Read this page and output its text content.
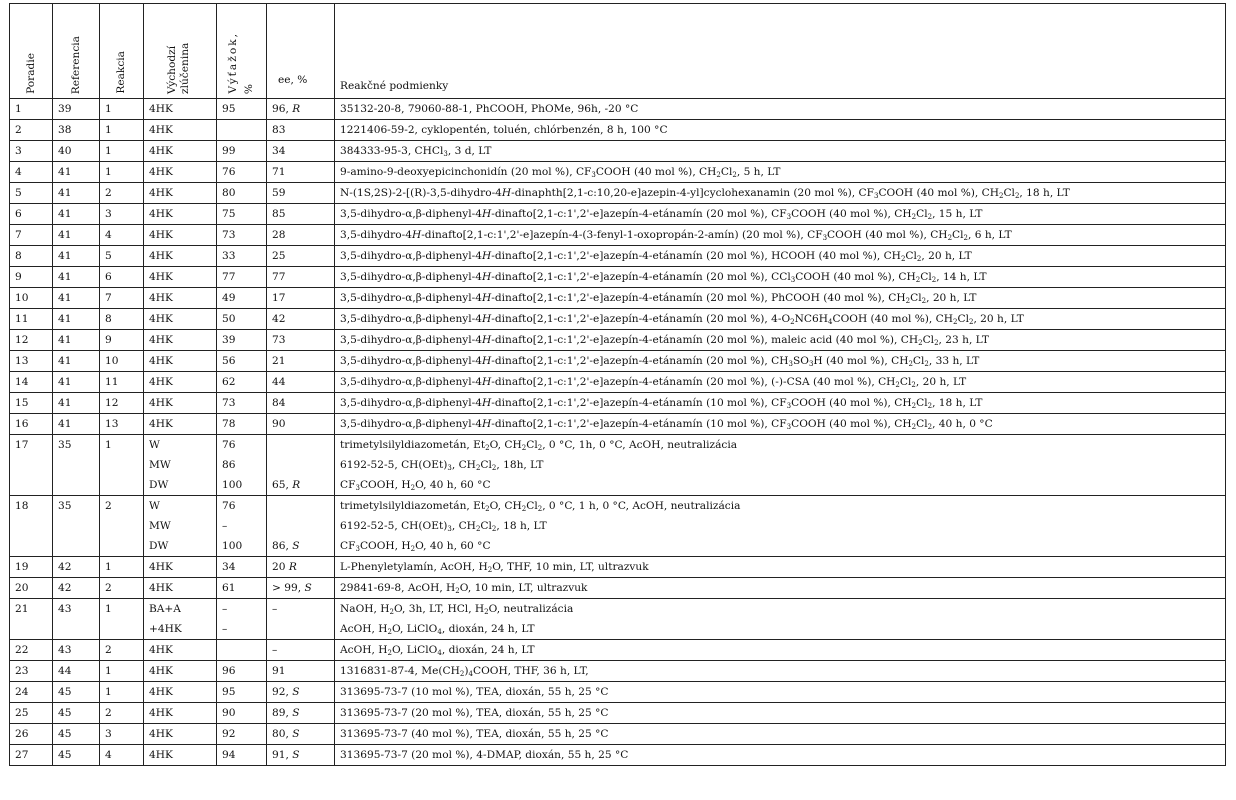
Poradie	Referencia	Reakcia	Východzí zlúčenina	Výťažok, %	ee, %	Reakčné podmienky
1	39	1	4HK	95	96, R	35132-20-8, 79060-88-1, PhCOOH, PhOMe, 96h, -20 °C
2	38	1	4HK		83	1221406-59-2, cyklopentén, toluén, chlórbenzén, 8 h, 100 °C
3	40	1	4HK	99	34	384333-95-3, CHCl$_3$, 3 d, LT
4	41	1	4HK	76	71	9-amino-9-deoxyepicinchonidín (20 mol %), $CF_3COOH$ (40 mol %), $CH_2Cl_2$, 5 h, LT
5	41	2	4HK	80	59	N-(1S,2S)-2-[(R)-3,5-dihydro-4H-dinaphth[2,1-c:10,20-e]azepin-4-yl]cyclohexanamin (20 mol %), $CF_3COOH$ (40 mol %), $CH_2Cl_2$, 18 h, LT
6	41	3	4HK	75	85	3,5-dihydro-α,β-diphenyl-4H-dinafto[2,1-c:1',2'-e]azepín-4-etánamín (20 mol %), $CF_3COOH$ (40 mol %), $CH_2Cl_2$, 15 h, LT
7	41	4	4HK	73	28	3,5-dihydro-4H-dinafto[2,1-c:1',2'-e]azepín-4-(3-fenyl-1-oxopropán-2-amín) (20 mol %), $CF_3COOH$ (40 mol %), $CH_2Cl_2$, 6 h, LT
8	41	5	4HK	33	25	3,5-dihydro-α,β-diphenyl-4H-dinafto[2,1-c:1',2'-e]azepín-4-etánamín (20 mol %), HCOOH (40 mol %), $CH_2Cl_2$, 20 h, LT
9	41	6	4HK	77	77	3,5-dihydro-α,β-diphenyl-4H-dinafto[2,1-c:1',2'-e]azepín-4-etánamín (20 mol %), CCl$_3$COOH (40 mol %), $CH_2Cl_2$, 14 h, LT
10	41	7	4HK	49	17	3,5-dihydro-α,β-diphenyl-4H-dinafto[2,1-c:1',2'-e]azepín-4-etánamín (20 mol %), PhCOOH (40 mol %), $CH_2Cl_2$, 20 h, LT
11	41	8	4HK	50	42	3,5-dihydro-α,β-diphenyl-4H-dinafto[2,1-c:1',2'-e]azepín-4-etánamín (20 mol %), $4-O_2NC6H_4COOH$ (40 mol %), $CH_2Cl_2$, 20 h, LT
12	41	9	4HK	39	73	3,5-dihydro-α,β-diphenyl-4H-dinafto[2,1-c:1',2'-e]azepín-4-etánamín (20 mol %), maleic acid (40 mol %), $CH_2Cl_2$, 23 h, LT
13	41	10	4HK	56	21	3,5-dihydro-α,β-diphenyl-4H-dinafto[2,1-c:1',2'-e]azepín-4-etánamín (20 mol %), $CH_3SO_3H$ (40 mol %), $CH_2Cl_2$, 33 h, LT
14	41	11	4HK	62	44	3,5-dihydro-α,β-diphenyl-4H-dinafto[2,1-c:1',2'-e]azepín-4-etánamín (20 mol %), (-)-CSA (40 mol %), $CH_2Cl_2$, 20 h, LT
15	41	12	4HK	73	84	3,5-dihydro-α,β-diphenyl-4H-dinafto[2,1-c:1',2'-e]azepín-4-etánamín (10 mol %), $CF_3COOH$ (40 mol %), $CH_2Cl_2$, 18 h, LT
16	41	13	4HK	78	90	3,5-dihydro-α,β-diphenyl-4H-dinafto[2,1-c:1',2'-e]azepín-4-etánamín (10 mol %), $CF_3COOH$ (40 mol %), $CH_2Cl_2$, 40 h, 0 °C
17	35	1	W	76		trimetylsilyldiazometán, $Et_2O$, $CH_2Cl_2$, 0 °C, 1h, 0 °C, AcOH, neutralizácia
			MW	86		6192-52-5, $CH(OEt)_3$, $CH_2Cl_2$, 18h, LT
			DW	100	65, R	$CF_3COOH$, $H_2O$, 40 h, 60 °C
18	35	2	W	76		trimetylsilyldiazometán, $Et_2O$, $CH_2Cl_2$, 0 °C, 1 h, 0 °C, AcOH, neutralizácia
			MW	–		6192-52-5, $CH(OEt)_3$, $CH_2Cl_2$, 18 h, LT
			DW	100	86, S	$CF_3COOH$, $H_2O$, 40 h, 60 °C
19	42	1	4HK	34	20 R	L-Phenyletylamín, AcOH, $H_2O$, THF, 10 min, LT, ultrazvuk
20	42	2	4HK	61	> 99, S	29841-69-8, AcOH, $H_2O$, 10 min, LT, ultrazvuk
21	43	1	BA+A	–	–	NaOH, $H_2O$, 3h, LT, HCl, $H_2O$, neutralizácia
			+4HK	–		AcOH, $H_2O$, LiClO$_4$, dioxán, 24 h, LT
22	43	2	4HK		–	AcOH, $H_2O$, LiClO$_4$, dioxán, 24 h, LT
23	44	1	4HK	96	91	1316831-87-4, $Me(CH_2)_4COOH$, THF, 36 h, LT,
24	45	1	4HK	95	92, S	313695-73-7 (10 mol %), TEA, dioxán, 55 h, 25 °C
25	45	2	4HK	90	89, S	313695-73-7 (20 mol %), TEA, dioxán, 55 h, 25 °C
26	45	3	4HK	92	80, S	313695-73-7 (40 mol %), TEA, dioxán, 55 h, 25 °C
27	45	4	4HK	94	91, S	313695-73-7 (20 mol %), 4-DMAP, dioxán, 55 h, 25 °C
